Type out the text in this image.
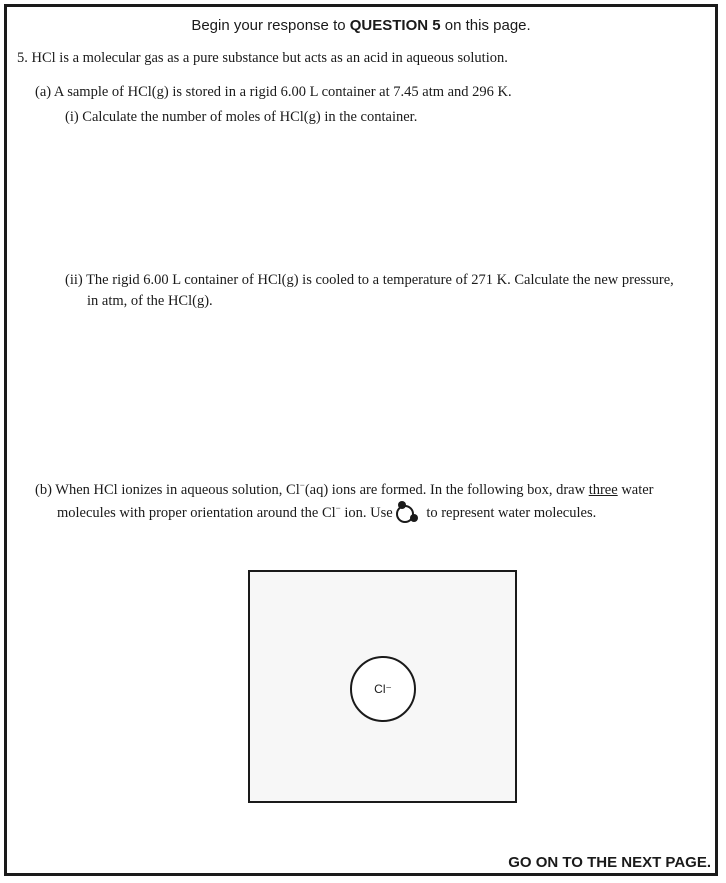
Begin your response to QUESTION 5 on this page.
5. HCl is a molecular gas as a pure substance but acts as an acid in aqueous solution.
(a) A sample of HCl(g) is stored in a rigid 6.00 L container at 7.45 atm and 296 K.
(i) Calculate the number of moles of HCl(g) in the container.
(ii) The rigid 6.00 L container of HCl(g) is cooled to a temperature of 271 K. Calculate the new pressure,
in atm, of the HCl(g).
(b) When HCl ionizes in aqueous solution, Cl−(aq) ions are formed. In the following box, draw three water
molecules with proper orientation around the Cl− ion. Use to represent water molecules.
Cl⁻
GO ON TO THE NEXT PAGE.
